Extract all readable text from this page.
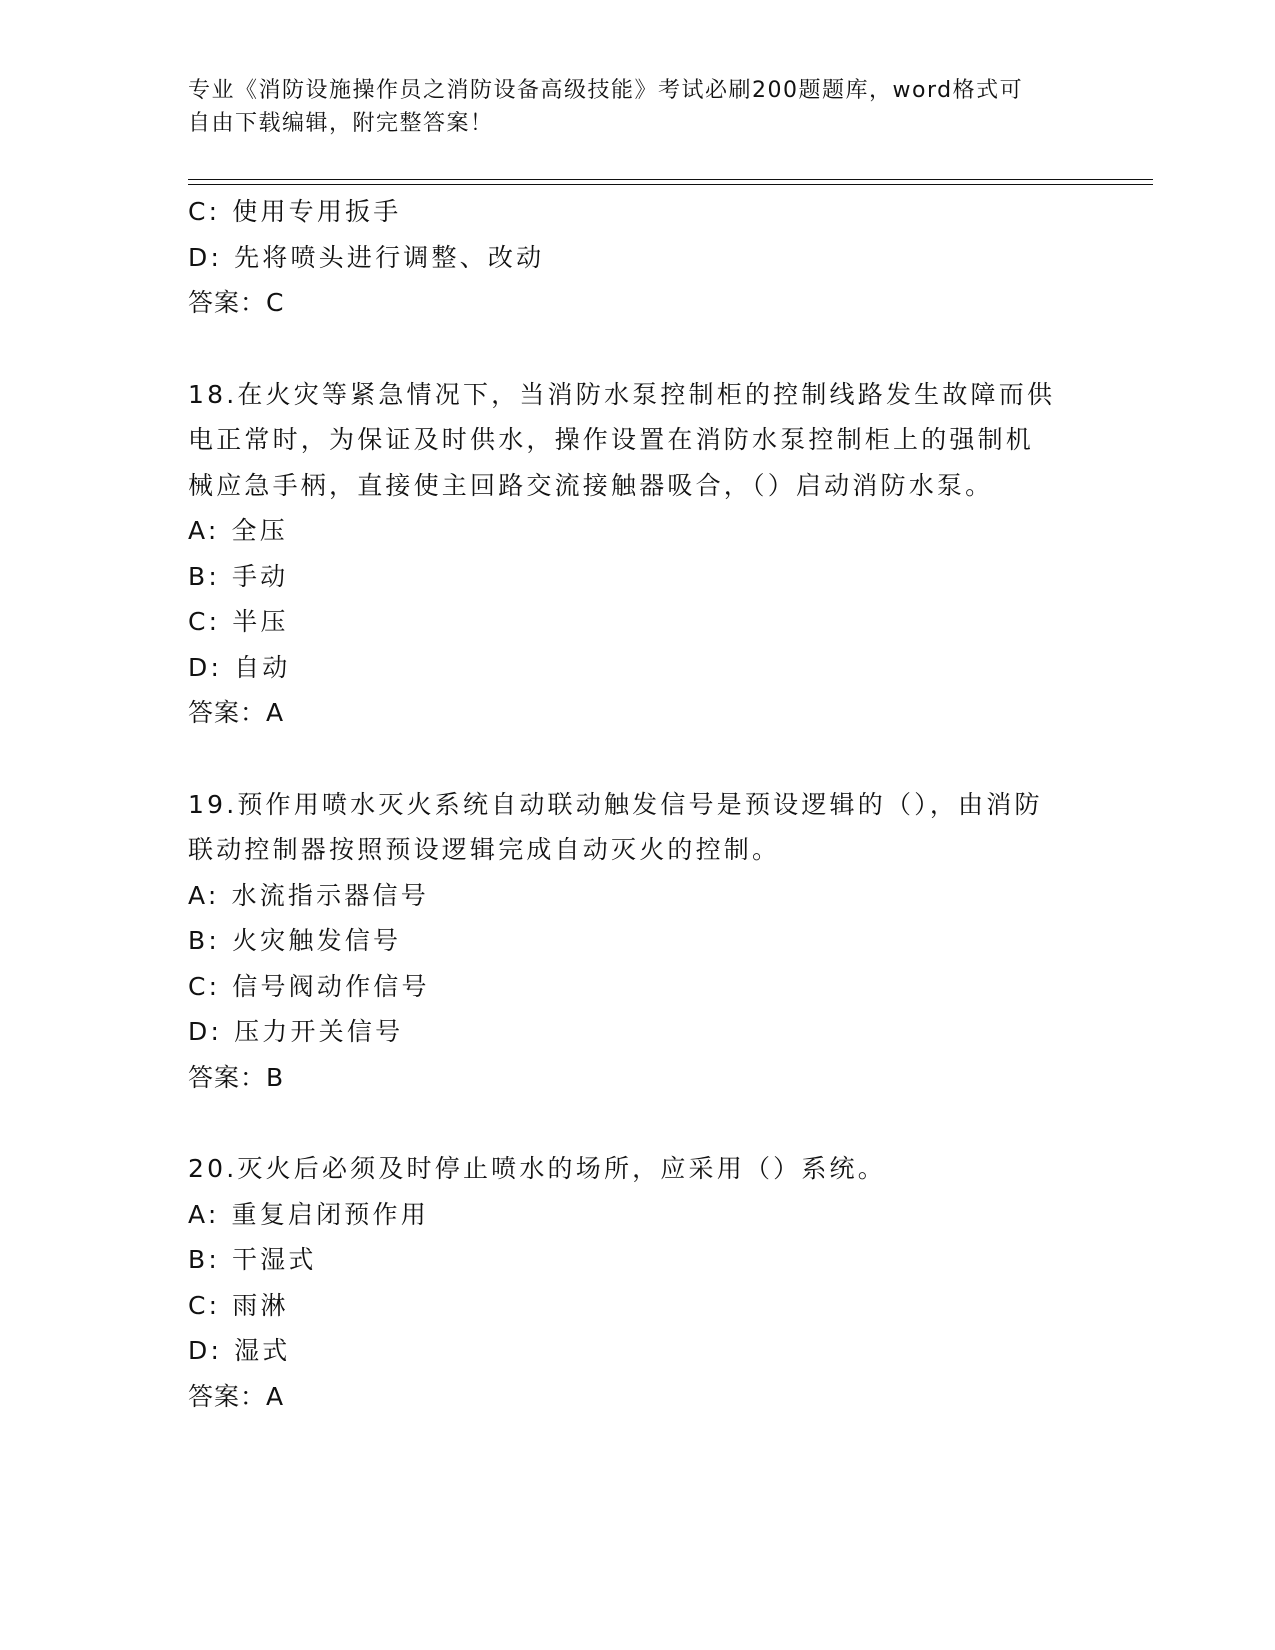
专业《消防设施操作员之消防设备高级技能》考试必刷200题题库，word格式可
自由下载编辑，附完整答案！
C: 使用专用扳手
D: 先将喷头进行调整、改动
答案：C
18.在火灾等紧急情况下，当消防水泵控制柜的控制线路发生故障而供
电正常时，为保证及时供水，操作设置在消防水泵控制柜上的强制机
械应急手柄，直接使主回路交流接触器吸合，（）启动消防水泵。
A: 全压
B: 手动
C: 半压
D: 自动
答案：A
19.预作用喷水灭火系统自动联动触发信号是预设逻辑的（），由消防
联动控制器按照预设逻辑完成自动灭火的控制。
A: 水流指示器信号
B: 火灾触发信号
C: 信号阀动作信号
D: 压力开关信号
答案：B
20.灭火后必须及时停止喷水的场所，应采用（）系统。
A: 重复启闭预作用
B: 干湿式
C: 雨淋
D: 湿式
答案：A
